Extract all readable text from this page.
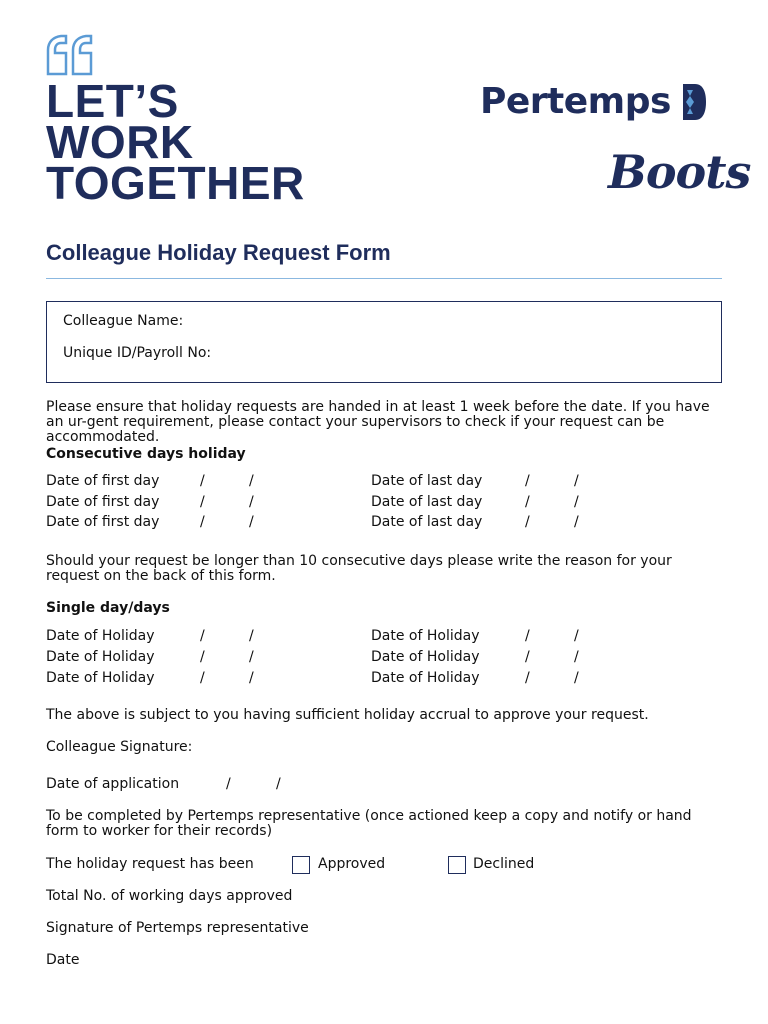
LET’S
WORK
TOGETHER
Pertemps
Boots
Colleague Holiday Request Form
Colleague Name:
Unique ID/Payroll No:
Please ensure that holiday requests are handed in at least 1 week before the date. If you have an ur-gent requirement, please contact your supervisors to check if your request can be accommodated.
Consecutive days holiday
Date of first day	/	/	Date of last day	/	/
Date of first day	/	/	Date of last day	/	/
Date of first day	/	/	Date of last day	/	/
Should your request be longer than 10 consecutive days please write the reason for your request on the back of this form.
Single day/days
Date of Holiday	/	/	Date of Holiday	/	/
Date of Holiday	/	/	Date of Holiday	/	/
Date of Holiday	/	/	Date of Holiday	/	/
The above is subject to you having sufficient holiday accrual to approve your request.
Colleague Signature:
Date of application	/	/
To be completed by Pertemps representative (once actioned keep a copy and notify or hand form to worker for their records)
The holiday request has been	Approved	Declined
Total No. of working days approved
Signature of Pertemps representative
Date
